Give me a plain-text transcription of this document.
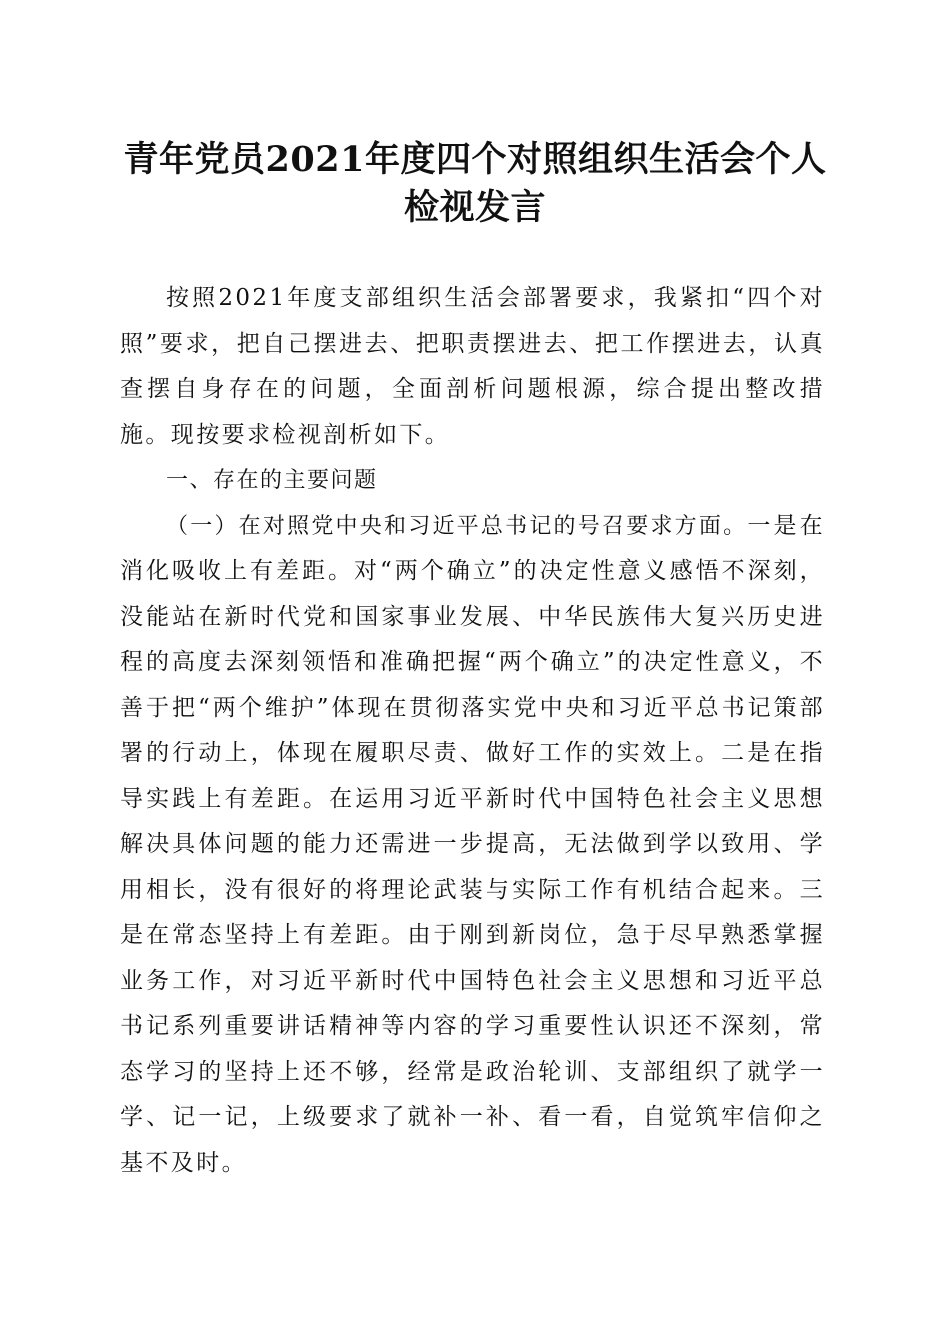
青年党员2021年度四个对照组织生活会个人检视发言

按照2021年度支部组织生活会部署要求，我紧扣“四个对照”要求，把自己摆进去、把职责摆进去、把工作摆进去，认真查摆自身存在的问题，全面剖析问题根源，综合提出整改措施。现按要求检视剖析如下。

一、存在的主要问题

（一）在对照党中央和习近平总书记的号召要求方面。一是在消化吸收上有差距。对“两个确立”的决定性意义感悟不深刻，没能站在新时代党和国家事业发展、中华民族伟大复兴历史进程的高度去深刻领悟和准确把握“两个确立”的决定性意义，不善于把“两个维护”体现在贯彻落实党中央和习近平总书记策部署的行动上，体现在履职尽责、做好工作的实效上。二是在指导实践上有差距。在运用习近平新时代中国特色社会主义思想解决具体问题的能力还需进一步提高，无法做到学以致用、学用相长，没有很好的将理论武装与实际工作有机结合起来。三是在常态坚持上有差距。由于刚到新岗位，急于尽早熟悉掌握业务工作，对习近平新时代中国特色社会主义思想和习近平总书记系列重要讲话精神等内容的学习重要性认识还不深刻，常态学习的坚持上还不够，经常是政治轮训、支部组织了就学一学、记一记，上级要求了就补一补、看一看，自觉筑牢信仰之基不及时。
